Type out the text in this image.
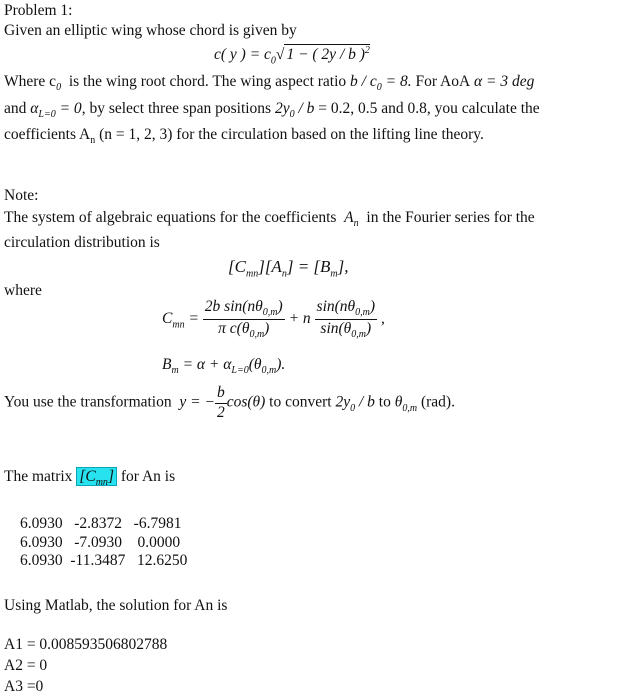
Problem 1:
Given an elliptic wing whose chord is given by
c( y ) = $c_0√$ 1 − ( 2y / b )$^2$
Where $c_0$ is the wing root chord. The wing aspect ratio $b / c_0 = 8$. For AoA α = 3 deg
and $\alpha_{L=0} = 0$, by select three span positions $2y_0 / b = 0.2$, 0.5 and 0.8, you calculate the
coefficients $A_n$ (n = 1, 2, 3) for the circulation based on the lifting line theory.
Note:
The system of algebraic equations for the coefficients $A_n$ in the Fourier series for the
circulation distribution is
$[C_{mn}][A_n] = [B_m]$,
where
$C_{mn} = \frac{2b \sin(n\theta_{0,m})}{\pi c(\theta_{0,m})} + n \frac{\sin(n\theta_{0,m})}{\sin(\theta_{0,m})}$ ,
$B_m = \alpha + \alpha_{L=0}(\theta_{0,m})$.
You use the transformation y = − $\frac{b}{2} \cos(\theta)$ to convert $2y_0$ / b to $\theta_{0,m}$ (rad).
The matrix $[C_{mn}]$ for An is
6.0930   -2.8372   -6.7981
6.0930   -7.0930    0.0000
6.0930  -11.3487   12.6250
Using Matlab, the solution for An is
A1 = 0.008593506802788
A2 = 0
A3 =0
